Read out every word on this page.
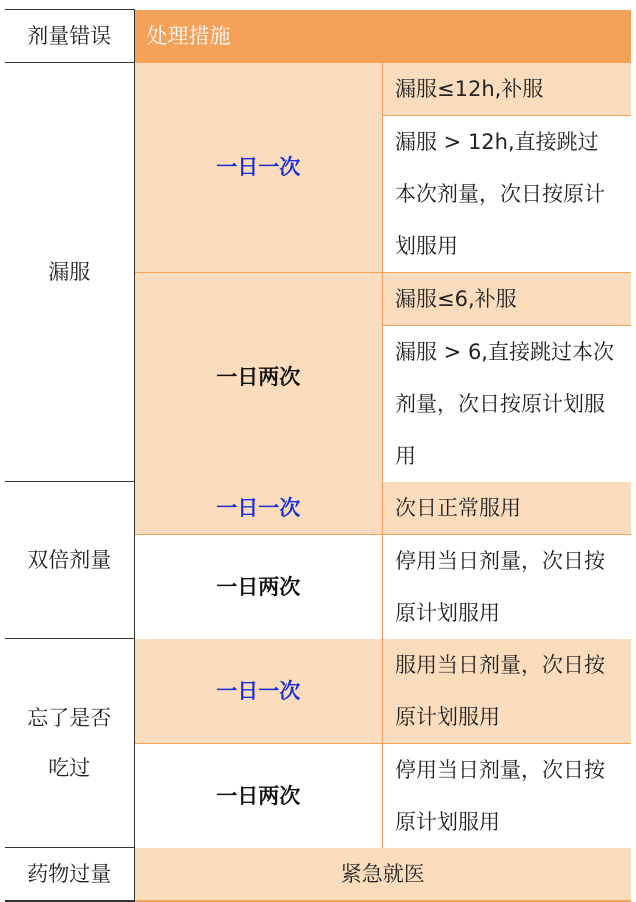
剂量错误	处理措施	
漏服	一日一次	漏服≤12h,补服
		漏服 > 12h,直接跳过本次剂量，次日按原计划服用

	一日两次	漏服≤6,补服
		漏服 > 6,直接跳过本次剂量，次日按原计划服用

双倍剂量	一日一次	次日正常服用
	一日两次	停用当日剂量，次日按原计划服用
忘了是否吃过	一日一次	服用当日剂量，次日按原计划服用
	一日两次	停用当日剂量，次日按原计划服用
药物过量	紧急就医	
